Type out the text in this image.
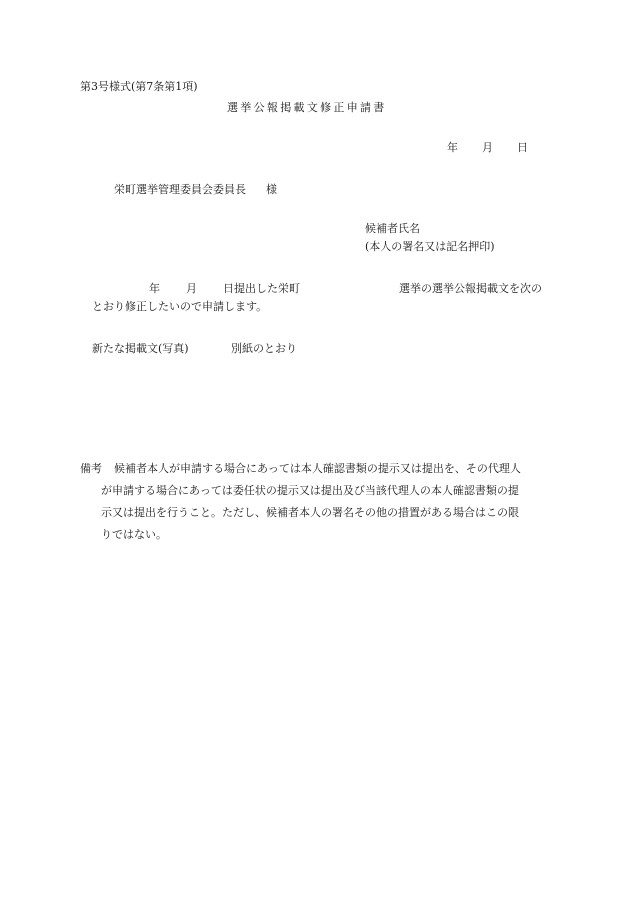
第3号様式(第7条第1項)
選挙公報掲載文修正申請書
年 月 日
栄町選挙管理委員会委員長 様
候補者氏名
(本人の署名又は記名押印)
年 月 日提出した栄町	選挙の選挙公報掲載文を次の
とおり修正したいので申請します。
新たな掲載文(写真)	別紙のとおり
備考 候補者本人が申請する場合にあっては本人確認書類の提示又は提出を、その代理人
が申請する場合にあっては委任状の提示又は提出及び当該代理人の本人確認書類の提
示又は提出を行うこと。ただし、候補者本人の署名その他の措置がある場合はこの限
りではない。
